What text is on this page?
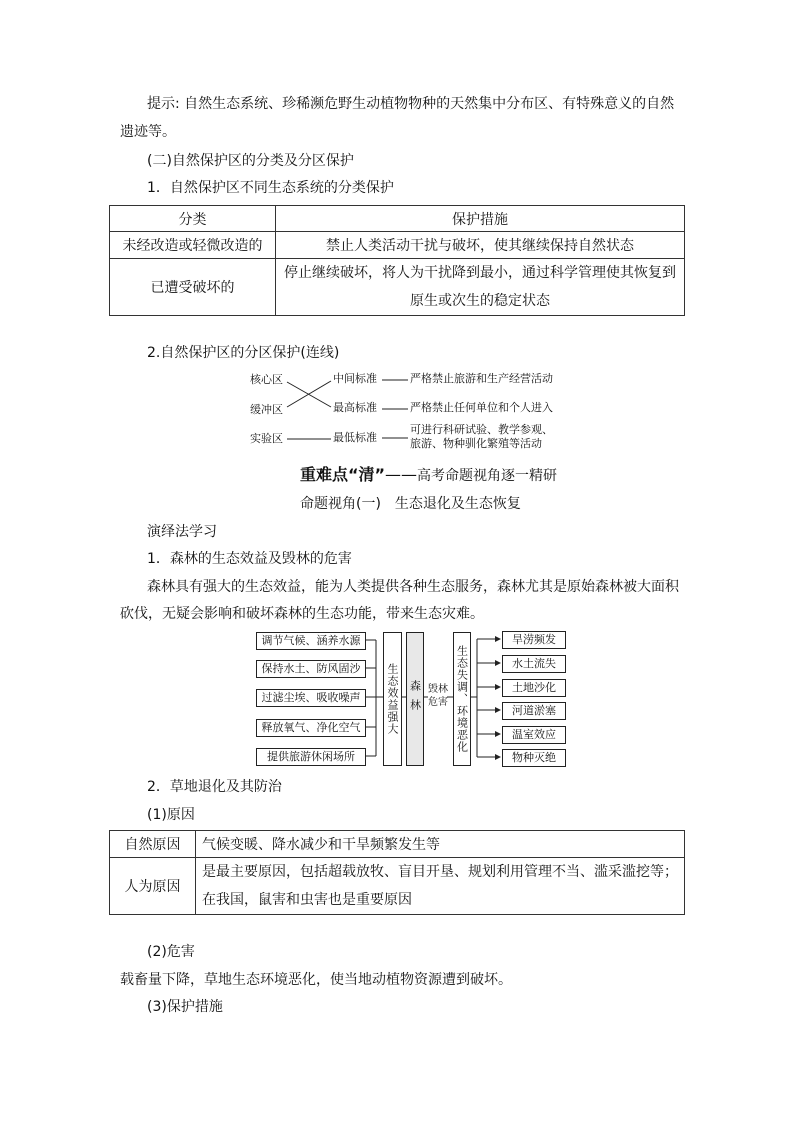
提示: 自然生态系统、珍稀濒危野生动植物物种的天然集中分布区、有特殊意义的自然
遗迹等。
(二)自然保护区的分类及分区保护
1．自然保护区不同生态系统的分类保护
分类	保护措施
未经改造或轻微改造的	禁止人类活动干扰与破坏，使其继续保持自然状态
已遭受破坏的	停止继续破坏，将人为干扰降到最小，通过科学管理使其恢复到
原生或次生的稳定状态
2.自然保护区的分区保护(连线)
核心区
缓冲区
实验区
中间标准
最高标准
最低标准
严格禁止旅游和生产经营活动
严格禁止任何单位和个人进入
可进行科研试验、教学参观、
旅游、物种驯化繁殖等活动
重难点“清”——高考命题视角逐一精研
命题视角(一)　生态退化及生态恢复
演绎法学习
1．森林的生态效益及毁林的危害
森林具有强大的生态效益，能为人类提供各种生态服务，森林尤其是原始森林被大面积
砍伐，无疑会影响和破坏森林的生态功能，带来生态灾难。
调节气候、涵养水源
保持水土、防风固沙
过滤尘埃、吸收噪声
释放氧气、净化空气
提供旅游休闲场所
生态效益强大 森林 毁林危害 生态失调、环境恶化
旱涝频发
水土流失
土地沙化
河道淤塞
温室效应
物种灭绝
2．草地退化及其防治
(1)原因
自然原因	气候变暖、降水减少和干旱频繁发生等
人为原因	是最主要原因，包括超载放牧、盲目开垦、规划利用管理不当、滥采滥挖等；
在我国，鼠害和虫害也是重要原因
(2)危害
载畜量下降，草地生态环境恶化，使当地动植物资源遭到破坏。
(3)保护措施
